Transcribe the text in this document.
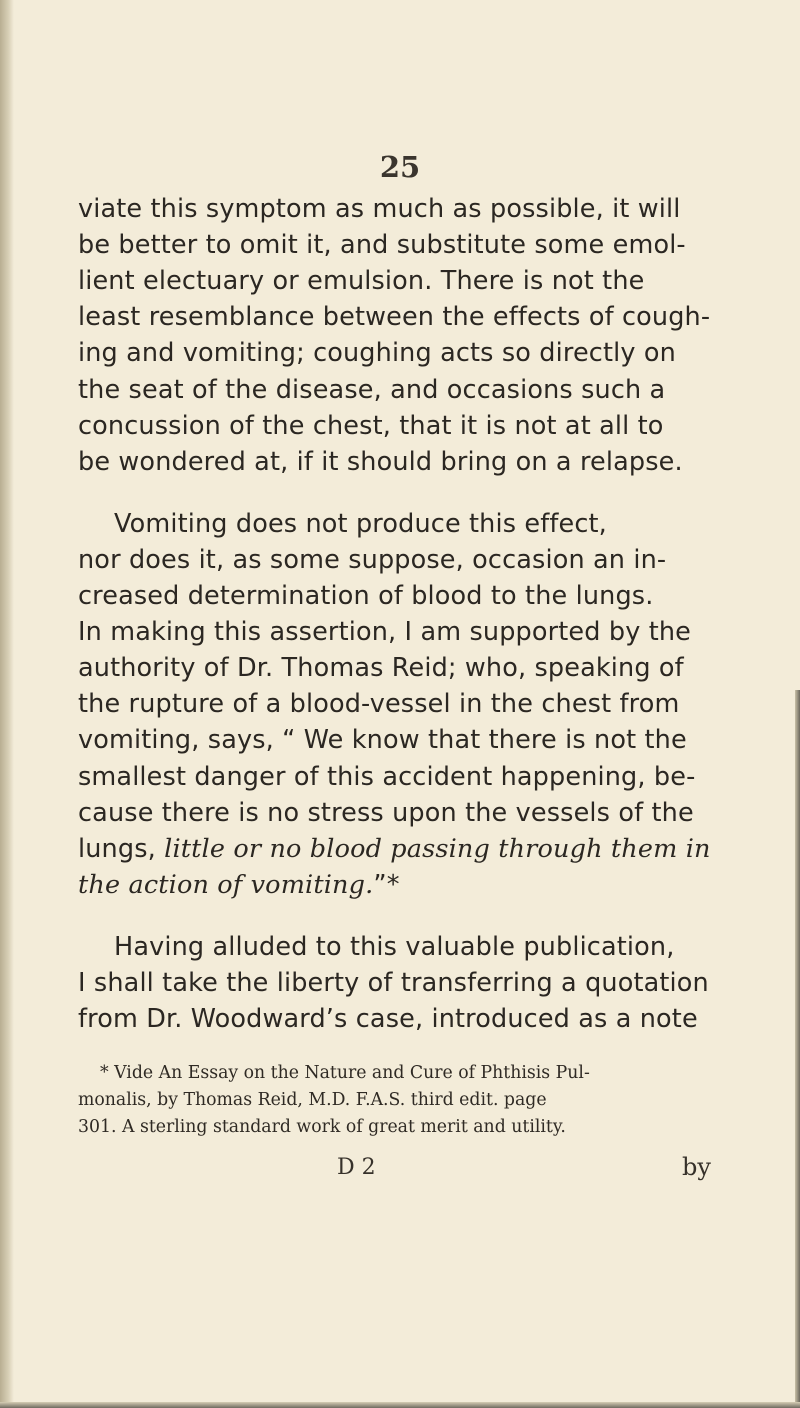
25
viate this symptom as much as possible, it will
be better to omit it, and substitute some emol-
lient electuary or emulsion. There is not the
least resemblance between the effects of cough-
ing and vomiting; coughing acts so directly on
the seat of the disease, and occasions such a
concussion of the chest, that it is not at all to
be wondered at, if it should bring on a relapse.
Vomiting does not produce this effect,
nor does it, as some suppose, occasion an in-
creased determination of blood to the lungs.
In making this assertion, I am supported by the
authority of Dr. Thomas Reid; who, speaking of
the rupture of a blood-vessel in the chest from
vomiting, says, “ We know that there is not the
smallest danger of this accident happening, be-
cause there is no stress upon the vessels of the
lungs, little or no blood passing through them in
the action of vomiting.”*
Having alluded to this valuable publication,
I shall take the liberty of transferring a quotation
from Dr. Woodward’s case, introduced as a note
* Vide An Essay on the Nature and Cure of Phthisis Pul-
monalis, by Thomas Reid, M.D. F.A.S. third edit. page
301. A sterling standard work of great merit and utility.
D 2	by
